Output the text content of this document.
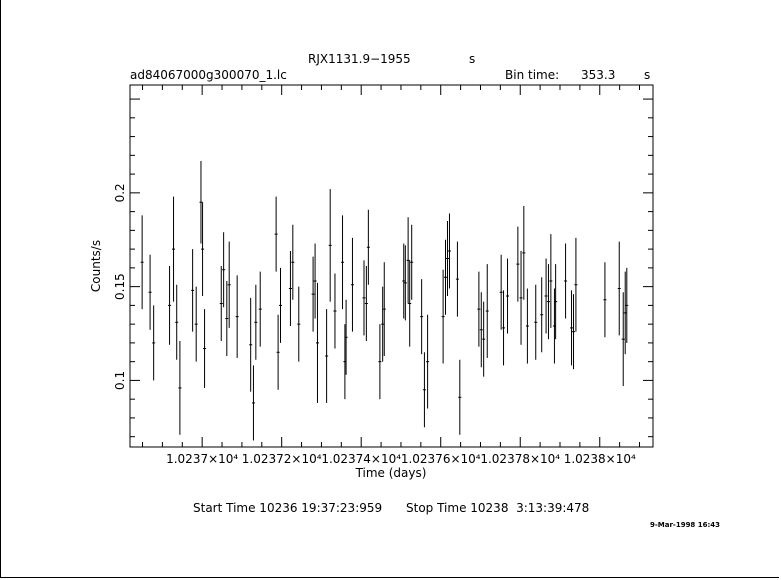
RJX1131.9−1955	s
ad84067000g300070_1.lc	Bin time: 353.3 s
1.0237×10⁴ 1.02372×10⁴ 1.02374×10⁴ 1.02376×10⁴ 1.02378×10⁴ 1.0238×10⁴
0.1
0.15
0.2
Time (days)
Counts/s
Start Time 10236 19:37:23:959 Stop Time 10238  3:13:39:478
9-Mar-1998 16:43
